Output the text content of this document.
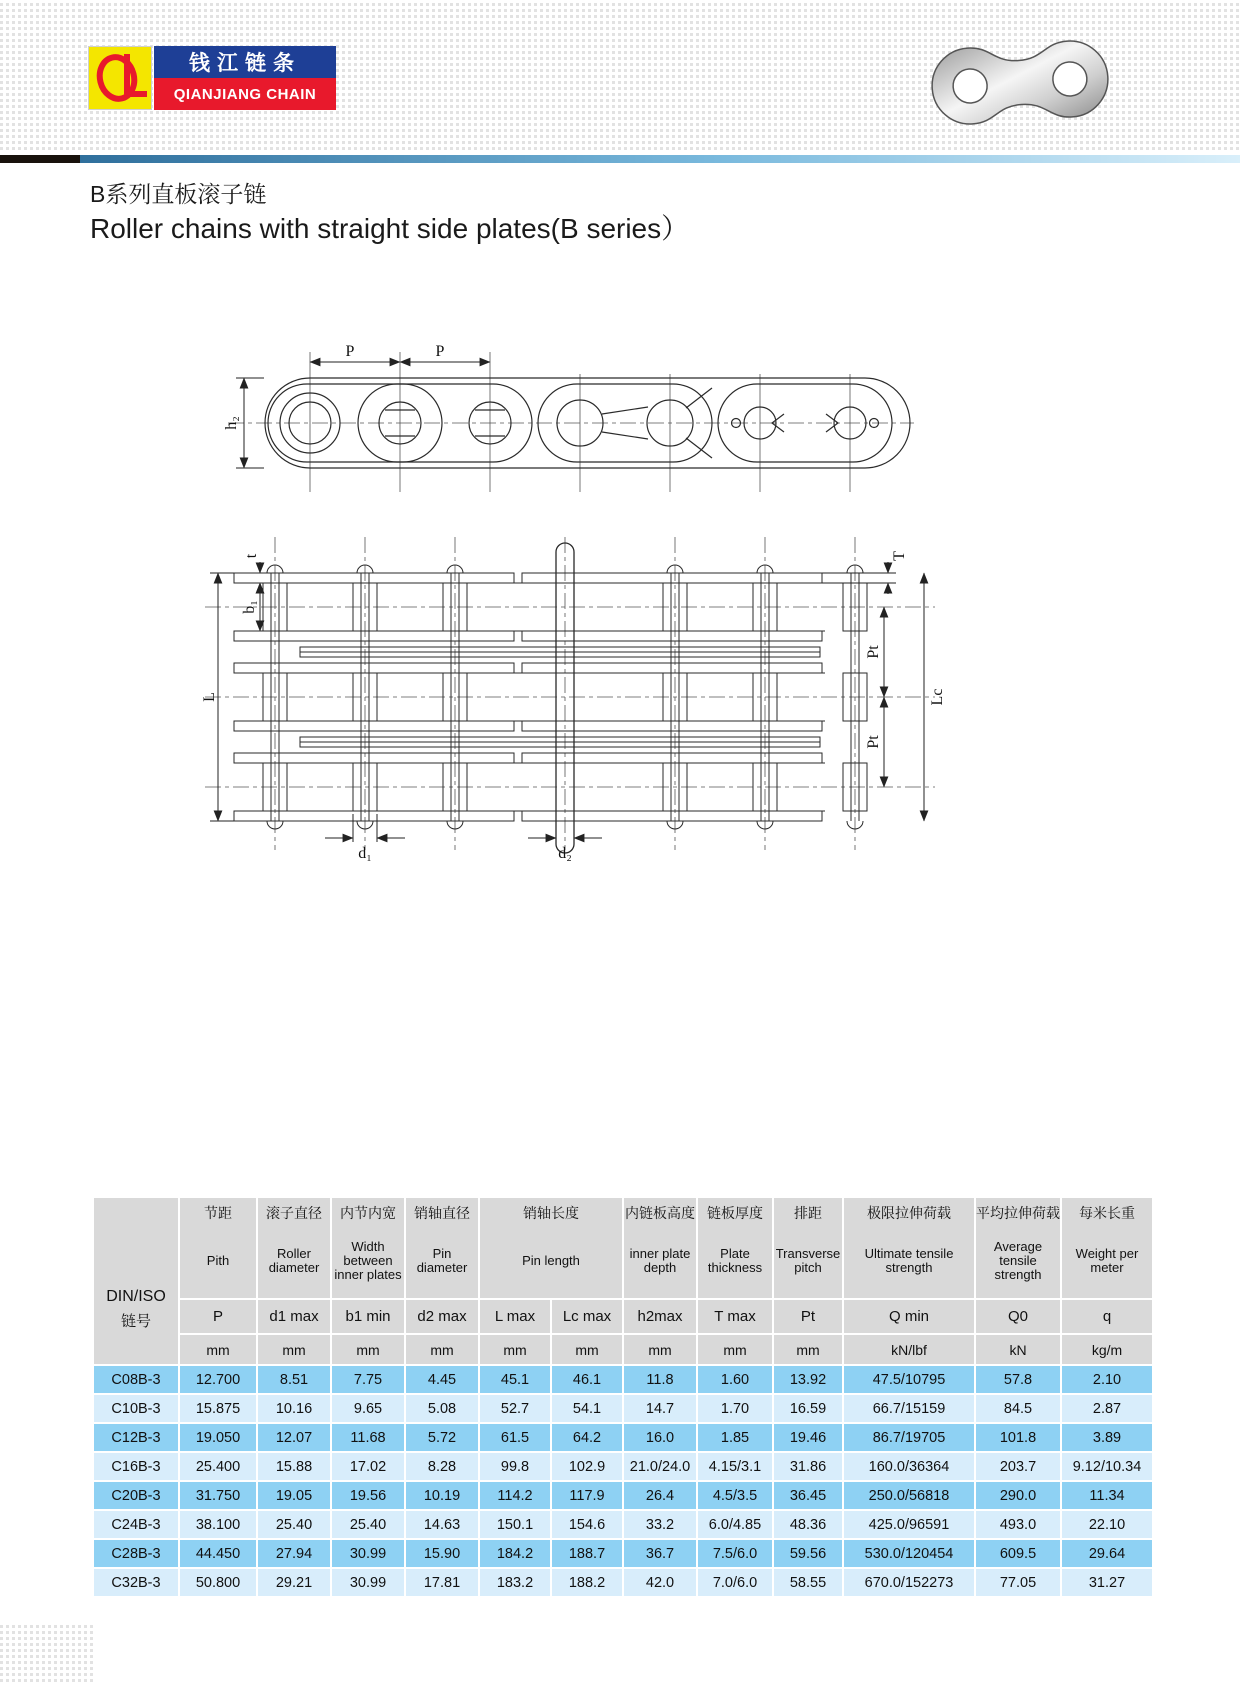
钱江链条
QIANJIANG CHAIN
B系列直板滚子链
Roller chains with straight side plates(B series）
P	P
h₂
L
t
b₁
T
Pt
Pt
Lc
d₁	d₂
DIN/ISO
链号

节距
Pith

滚子直径
Roller diameter

内节内宽
Width between inner plates

销轴直径
Pin diameter

销轴长度
Pin length

内链板高度
inner plate depth

链板厚度
Plate thickness

排距
Transverse pitch

极限拉伸荷载
Ultimate tensile strength

平均拉伸荷载
Average tensile strength

每米长重
Weight per meter

	P	d1 max	b1 min	d2 max	L max	Lc max	h2max	T max	Pt	Q min	Q0	q
	mm	mm	mm	mm	mm	mm	mm	mm	mm	kN/lbf	kN	kg/m
C08B-3	12.700	8.51	7.75	4.45	45.1	46.1	11.8	1.60	13.92	47.5/10795	57.8	2.10
C10B-3	15.875	10.16	9.65	5.08	52.7	54.1	14.7	1.70	16.59	66.7/15159	84.5	2.87
C12B-3	19.050	12.07	11.68	5.72	61.5	64.2	16.0	1.85	19.46	86.7/19705	101.8	3.89
C16B-3	25.400	15.88	17.02	8.28	99.8	102.9	21.0/24.0	4.15/3.1	31.86	160.0/36364	203.7	9.12/10.34
C20B-3	31.750	19.05	19.56	10.19	114.2	117.9	26.4	4.5/3.5	36.45	250.0/56818	290.0	11.34
C24B-3	38.100	25.40	25.40	14.63	150.1	154.6	33.2	6.0/4.85	48.36	425.0/96591	493.0	22.10
C28B-3	44.450	27.94	30.99	15.90	184.2	188.7	36.7	7.5/6.0	59.56	530.0/120454	609.5	29.64
C32B-3	50.800	29.21	30.99	17.81	183.2	188.2	42.0	7.0/6.0	58.55	670.0/152273	77.05	31.27
